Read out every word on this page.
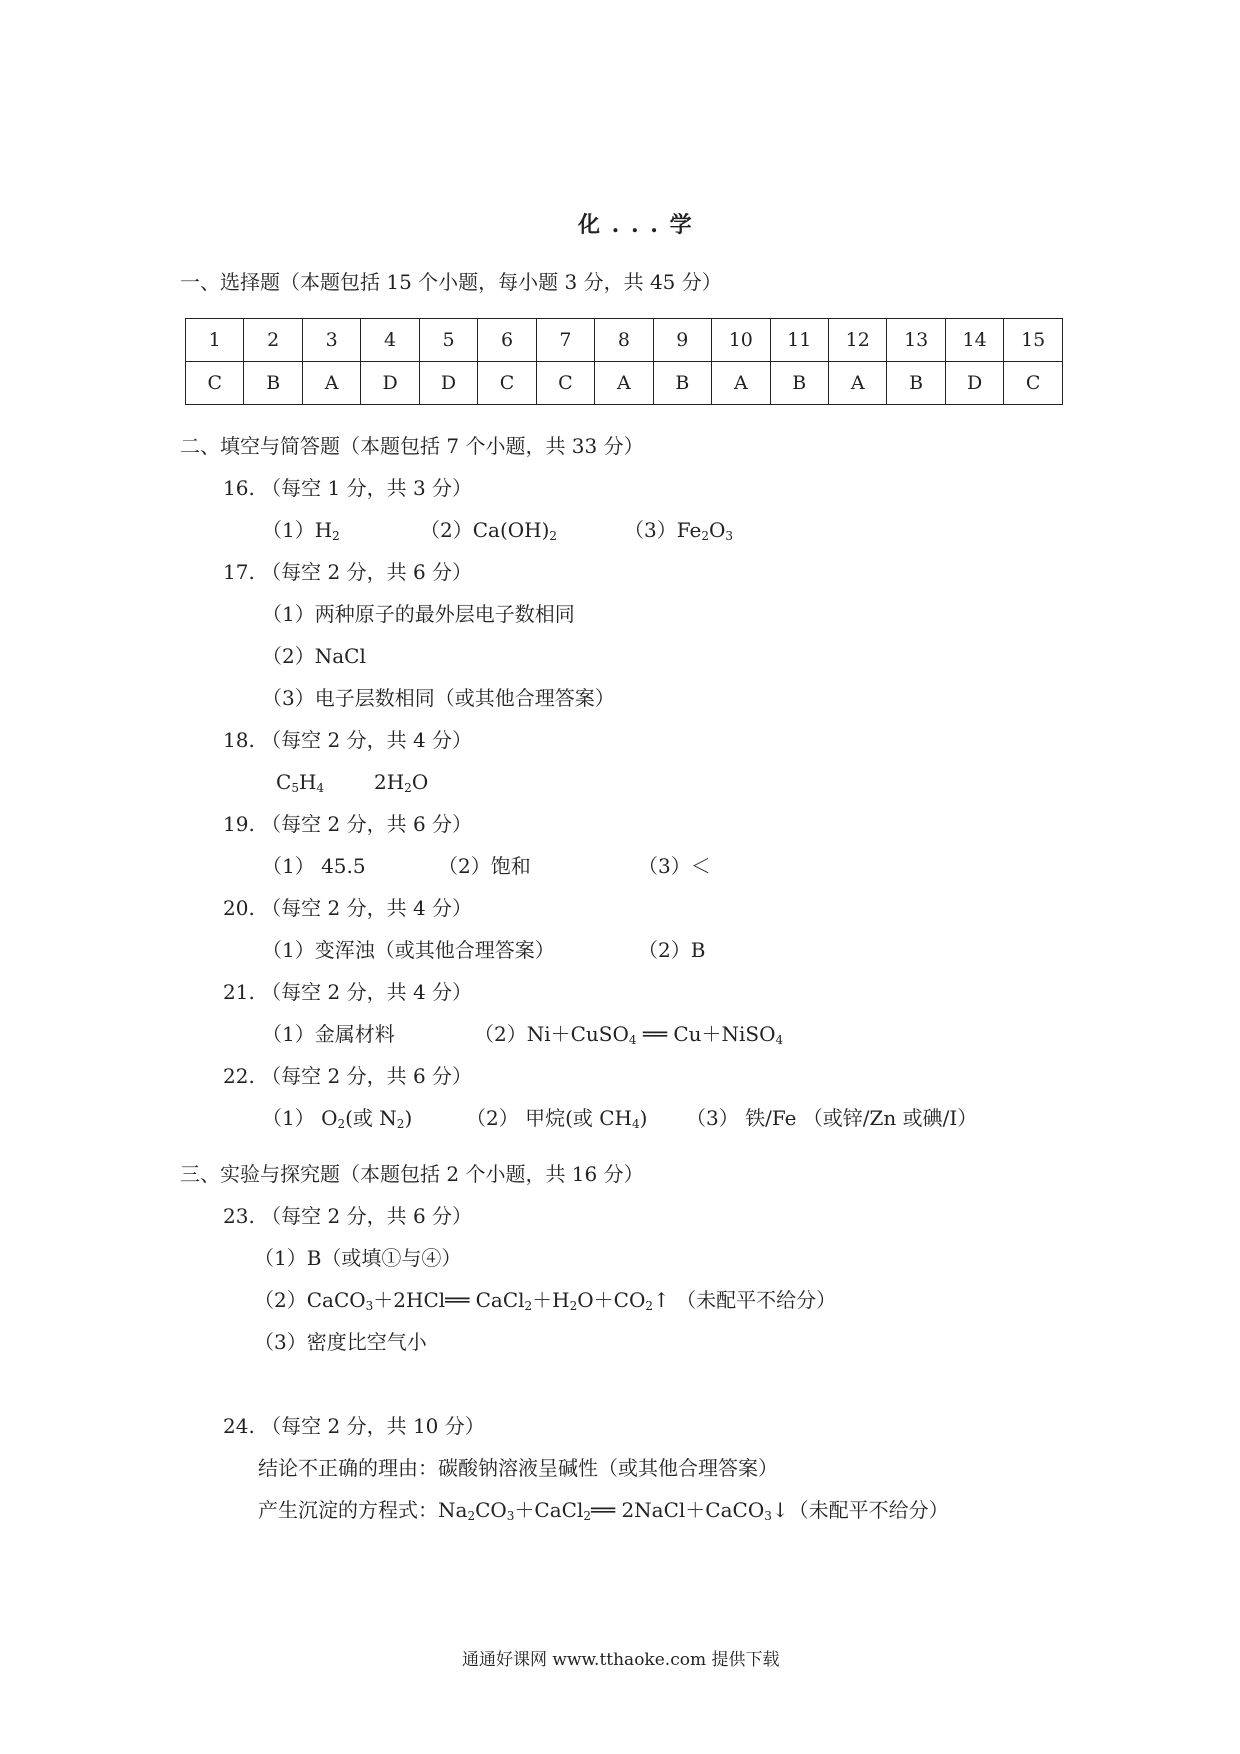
化 . . . 学
一、选择题（本题包括 15 个小题，每小题 3 分，共 45 分）
1	2	3	4	5	6	7	8	9	10	11	12	13	14	15
C	B	A	D	D	C	C	A	B	A	B	A	B	D	C
二、填空与简答题（本题包括 7 个小题，共 33 分）
16. （每空 1 分，共 3 分）
$(1)H_2$	$(2)Ca(OH)_2$	$(3)Fe_2O_3$
17. （每空 2 分，共 6 分）
（1）两种原子的最外层电子数相同
（2）NaCl
（3）电子层数相同（或其他合理答案）
18. （每空 2 分，共 4 分）
$C_5H_4$ $2H_2O$
19. （每空 2 分，共 6 分）
（1） 45.5	（2）饱和	（3）＜
20. （每空 2 分，共 4 分）
（1）变浑浊（或其他合理答案）	（2）B
21. （每空 2 分，共 4 分）
（1）金属材料	（2）Ni＋CuSO$_4$ ══ Cu＋NiSO$_4$
22. （每空 2 分，共 6 分）
（1） $O_2$(或 $N_2$)	（2） 甲烷(或 $CH_4$) （3） 铁/Fe （或锌/Zn 或碘/I）
三、实验与探究题（本题包括 2 个小题，共 16 分）
23. （每空 2 分，共 6 分）
（1）B（或填①与④）
（2）CaCO$_3$＋2HCl══ $CaCl_2+H_2O+CO_2↑$ （未配平不给分）
（3）密度比空气小
24. （每空 2 分，共 10 分）
结论不正确的理由：碳酸钠溶液呈碱性（或其他合理答案）
产生沉淀的方程式：$Na_2CO_3+CaCl_2══$ 2NaCl＋CaCO$_3$↓（未配平不给分）
通通好课网 www.tthaoke.com 提供下载
